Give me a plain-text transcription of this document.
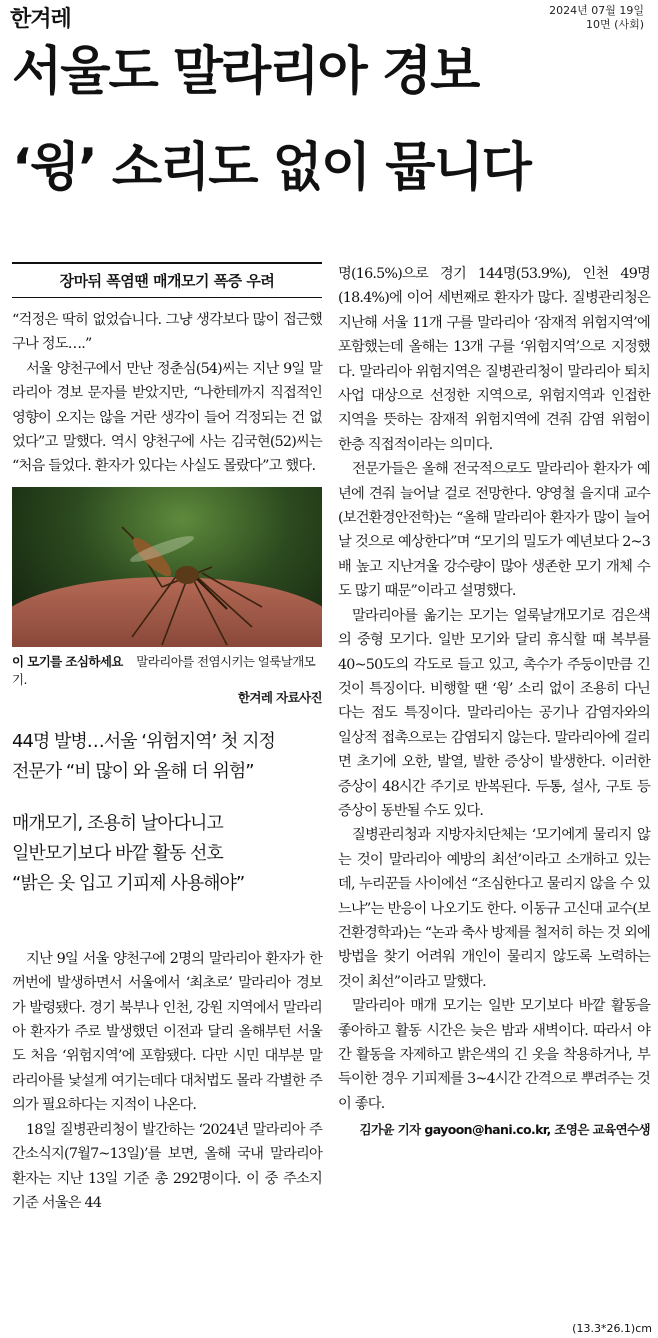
한겨레	2024년 07월 19일
10면 (사회)
서울도 말라리아 경보
‘윙’ 소리도 없이 뭅니다
장마뒤 폭염땐 매개모기 폭증 우려

“걱정은 딱히 없었습니다. 그냥 생각보다 많이 접근했구나 정도….”

서울 양천구에서 만난 정춘심(54)씨는 지난 9일 말라리아 경보 문자를 받았지만, “나한테까지 직접적인 영향이 오지는 않을 거란 생각이 들어 걱정되는 건 없었다”고 말했다. 역시 양천구에 사는 김국현(52)씨는 “처음 들었다. 환자가 있다는 사실도 몰랐다”고 했다.

이 모기를 조심하세요 말라리아를 전염시키는 얼룩날개모기.
한겨레 자료사진

44명 발병…서울 ‘위험지역’ 첫 지정

전문가 “비 많이 와 올해 더 위험”

매개모기, 조용히 날아다니고

일반모기보다 바깥 활동 선호

“밝은 옷 입고 기피제 사용해야”

지난 9일 서울 양천구에 2명의 말라리아 환자가 한꺼번에 발생하면서 서울에서 ‘최초로’ 말라리아 경보가 발령됐다. 경기 북부나 인천, 강원 지역에서 말라리아 환자가 주로 발생했던 이전과 달리 올해부턴 서울도 처음 ‘위험지역’에 포함됐다. 다만 시민 대부분 말라리아를 낯설게 여기는데다 대처법도 몰라 각별한 주의가 필요하다는 지적이 나온다.

18일 질병관리청이 발간하는 ‘2024년 말라리아 주간소식지(7월7~13일)’를 보면, 올해 국내 말라리아 환자는 지난 13일 기준 총 292명이다. 이 중 주소지 기준 서울은 44

명(16.5%)으로 경기 144명(53.9%), 인천 49명(18.4%)에 이어 세번째로 환자가 많다. 질병관리청은 지난해 서울 11개 구를 말라리아 ‘잠재적 위험지역’에 포함했는데 올해는 13개 구를 ‘위험지역’으로 지정했다. 말라리아 위험지역은 질병관리청이 말라리아 퇴치사업 대상으로 선정한 지역으로, 위험지역과 인접한 지역을 뜻하는 잠재적 위험지역에 견줘 감염 위험이 한층 직접적이라는 의미다.

전문가들은 올해 전국적으로도 말라리아 환자가 예년에 견줘 늘어날 걸로 전망한다. 양영철 을지대 교수(보건환경안전학)는 “올해 말라리아 환자가 많이 늘어날 것으로 예상한다”며 “모기의 밀도가 예년보다 2~3배 높고 지난겨울 강수량이 많아 생존한 모기 개체 수도 많기 때문”이라고 설명했다.

말라리아를 옮기는 모기는 얼룩날개모기로 검은색의 중형 모기다. 일반 모기와 달리 휴식할 때 복부를 40~50도의 각도로 들고 있고, 촉수가 주둥이만큼 긴 것이 특징이다. 비행할 땐 ‘윙’ 소리 없이 조용히 다닌다는 점도 특징이다. 말라리아는 공기나 감염자와의 일상적 접촉으로는 감염되지 않는다. 말라리아에 걸리면 초기에 오한, 발열, 발한 증상이 발생한다. 이러한 증상이 48시간 주기로 반복된다. 두통, 설사, 구토 등 증상이 동반될 수도 있다.

질병관리청과 지방자치단체는 ‘모기에게 물리지 않는 것이 말라리아 예방의 최선’이라고 소개하고 있는데, 누리꾼들 사이에선 “조심한다고 물리지 않을 수 있느냐”는 반응이 나오기도 한다. 이동규 고신대 교수(보건환경학과)는 “논과 축사 방제를 철저히 하는 것 외에 방법을 찾기 어려워 개인이 물리지 않도록 노력하는 것이 최선”이라고 말했다.

말라리아 매개 모기는 일반 모기보다 바깥 활동을 좋아하고 활동 시간은 늦은 밤과 새벽이다. 따라서 야간 활동을 자제하고 밝은색의 긴 옷을 착용하거나, 부득이한 경우 기피제를 3~4시간 간격으로 뿌려주는 것이 좋다.

김가윤 기자 gayoon@hani.co.kr, 조영은 교육연수생
(13.3*26.1)cm
